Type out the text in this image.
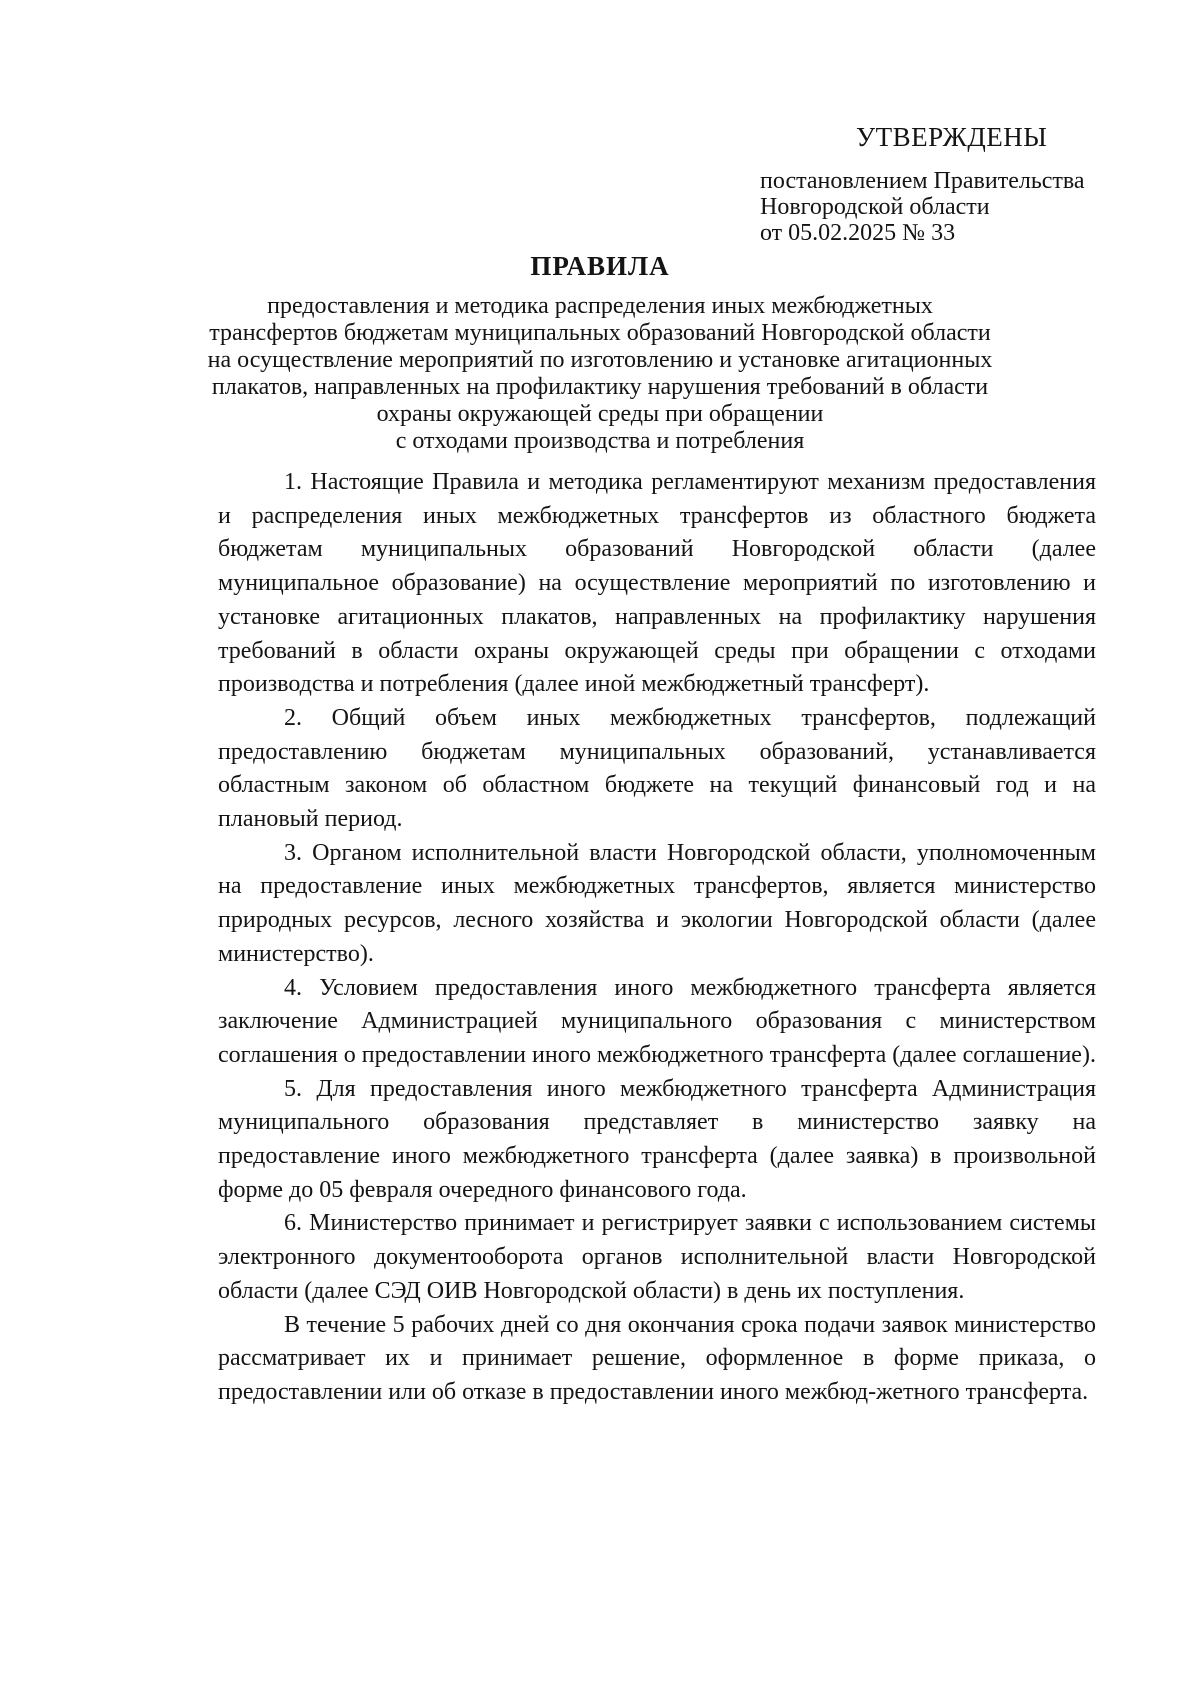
УТВЕРЖДЕНЫ
постановлением Правительства
Новгородской области
от 05.02.2025 № 33
ПРАВИЛА
предоставления и методика распределения иных межбюджетных
трансфертов бюджетам муниципальных образований Новгородской области
на осуществление мероприятий по изготовлению и установке агитационных
плакатов, направленных на профилактику нарушения требований в области
охраны окружающей среды при обращении
с отходами производства и потребления

1. Настоящие Правила и методика регламентируют механизм предоставления и распределения иных межбюджетных трансфертов из областного бюджета бюджетам муниципальных образований Новгородской области (далее муниципальное образование) на осуществление мероприятий по изготовлению и установке агитационных плакатов, направленных на профилактику нарушения требований в области охраны окружающей среды при обращении с отходами производства и потребления (далее иной межбюджетный трансферт).

2. Общий объем иных межбюджетных трансфертов, подлежащий предоставлению бюджетам муниципальных образований, устанавливается областным законом об областном бюджете на текущий финансовый год и на плановый период.

3. Органом исполнительной власти Новгородской области, уполномоченным на предоставление иных межбюджетных трансфертов, является министерство природных ресурсов, лесного хозяйства и экологии Новгородской области (далее министерство).

4. Условием предоставления иного межбюджетного трансферта является заключение Администрацией муниципального образования с министерством соглашения о предоставлении иного межбюджетного трансферта (далее соглашение).

5. Для предоставления иного межбюджетного трансферта Администрация муниципального образования представляет в министерство заявку на предоставление иного межбюджетного трансферта (далее заявка) в произвольной форме до 05 февраля очередного финансового года.

6. Министерство принимает и регистрирует заявки с использованием системы электронного документооборота органов исполнительной власти Новгородской области (далее СЭД ОИВ Новгородской области) в день их поступления.

В течение 5 рабочих дней со дня окончания срока подачи заявок министерство рассматривает их и принимает решение, оформленное в форме приказа, о предоставлении или об отказе в предоставлении иного межбюд-жетного трансферта.
